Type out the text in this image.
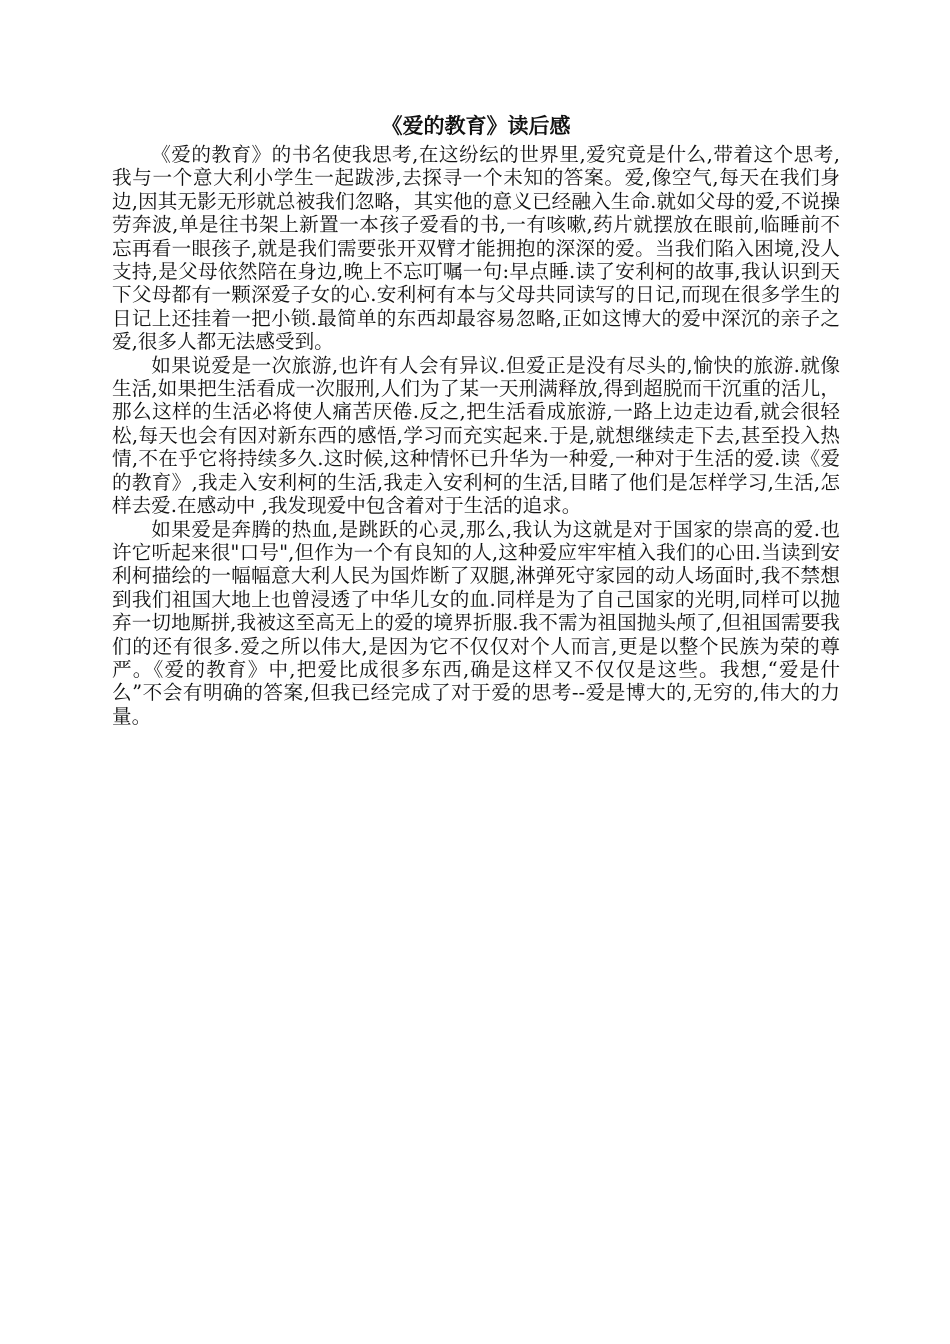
《爱的教育》读后感

《爱的教育》的书名使我思考,在这纷纭的世界里,爱究竟是什么,带着这个思考,我与一个意大利小学生一起跋涉,去探寻一个未知的答案。爱,像空气,每天在我们身边,因其无影无形就总被我们忽略，其实他的意义已经融入生命.就如父母的爱,不说操劳奔波,单是往书架上新置一本孩子爱看的书,一有咳嗽,药片就摆放在眼前,临睡前不忘再看一眼孩子,就是我们需要张开双臂才能拥抱的深深的爱。当我们陷入困境,没人支持,是父母依然陪在身边,晚上不忘叮嘱一句:早点睡.读了安利柯的故事,我认识到天下父母都有一颗深爱子女的心.安利柯有本与父母共同读写的日记,而现在很多学生的日记上还挂着一把小锁.最简单的东西却最容易忽略,正如这博大的爱中深沉的亲子之爱,很多人都无法感受到。

如果说爱是一次旅游,也许有人会有异议.但爱正是没有尽头的,愉快的旅游.就像生活,如果把生活看成一次服刑,人们为了某一天刑满释放,得到超脱而干沉重的活儿，那么这样的生活必将使人痛苦厌倦.反之,把生活看成旅游,一路上边走边看,就会很轻松,每天也会有因对新东西的感悟,学习而充实起来.于是,就想继续走下去,甚至投入热情,不在乎它将持续多久.这时候,这种情怀已升华为一种爱,一种对于生活的爱.读《爱的教育》,我走入安利柯的生活,我走入安利柯的生活,目睹了他们是怎样学习,生活,怎样去爱.在感动中 ,我发现爱中包含着对于生活的追求。

如果爱是奔腾的热血,是跳跃的心灵,那么,我认为这就是对于国家的崇高的爱.也许它听起来很"口号",但作为一个有良知的人,这种爱应牢牢植入我们的心田.当读到安利柯描绘的一幅幅意大利人民为国炸断了双腿,淋弹死守家园的动人场面时,我不禁想到我们祖国大地上也曾浸透了中华儿女的血.同样是为了自己国家的光明,同样可以抛弃一切地厮拼,我被这至高无上的爱的境界折服.我不需为祖国抛头颅了,但祖国需要我们的还有很多.爱之所以伟大,是因为它不仅仅对个人而言,更是以整个民族为荣的尊严。《爱的教育》中,把爱比成很多东西,确是这样又不仅仅是这些。我想,“爱是什么”不会有明确的答案,但我已经完成了对于爱的思考--爱是博大的,无穷的,伟大的力量。
